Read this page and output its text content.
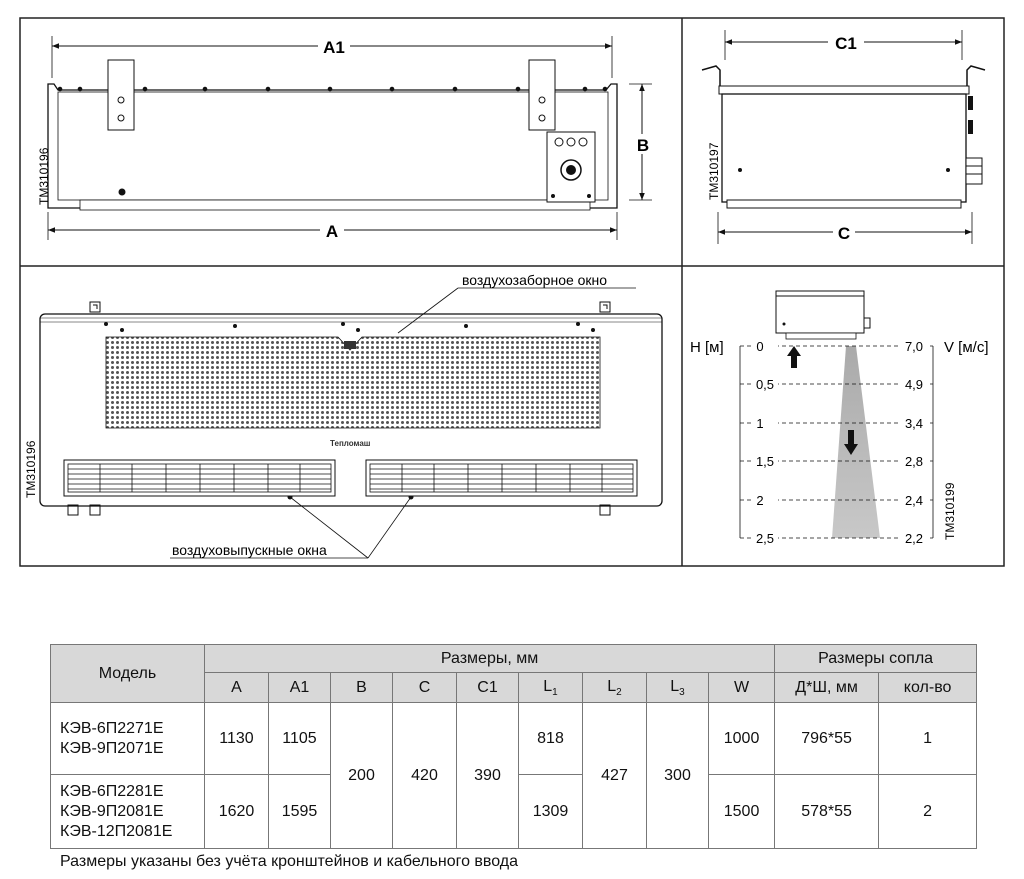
A1
B
A
ТМ310196
C1
C
ТМ310197
Тепломаш
воздухозаборное окно
воздуховыпускные окна
ТМ310196
0
0,5
1
1,5
2
2,5
7,0
4,9
3,4
2,8
2,4
2,2
H [м]	V [м/с]
ТМ310199
Модель	Размеры, мм									Размеры сопла	
	A	A1	B	C	C1	$L_1$	$L_2$	$L_3$	W	Д*Ш, мм	кол-во
КЭВ-6П2271Е
КЭВ-9П2071Е	1130	1105	200	420	390	818	427	300	1000	796*55	1
КЭВ-6П2281Е
КЭВ-9П2081Е
КЭВ-12П2081Е	1620	1595				1309			1500	578*55	2
Размеры указаны без учёта кронштейнов и кабельного ввода
